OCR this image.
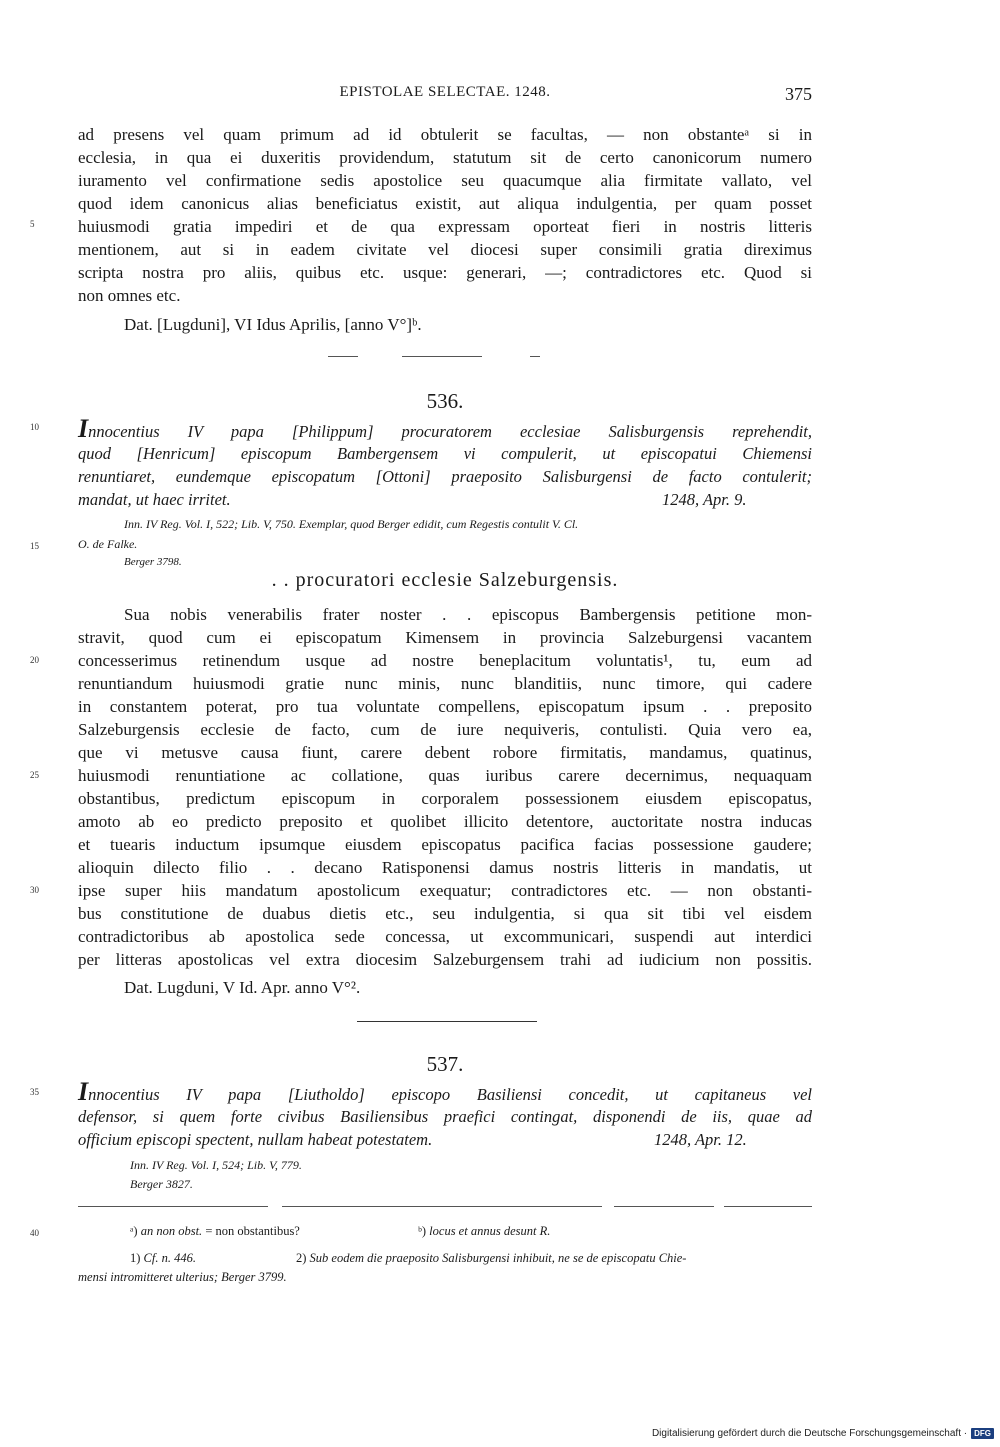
EPISTOLAE SELECTAE. 1248.	375
5
10
15
20
25
30
35
40
ad presens vel quam primum ad id obtulerit se facultas, — non obstanteᵃ si in
ecclesia, in qua ei duxeritis providendum, statutum sit de certo canonicorum numero
iuramento vel confirmatione sedis apostolice seu quacumque alia firmitate vallato, vel
quod idem canonicus alias beneficiatus existit, aut aliqua indulgentia, per quam posset
huiusmodi gratia impediri et de qua expressam oporteat fieri in nostris litteris
mentionem, aut si in eadem civitate vel diocesi super consimili gratia direximus
scripta nostra pro aliis, quibus etc. usque: generari, —; contradictores etc. Quod si
non omnes etc.
Dat. [Lugduni], VI Idus Aprilis, [anno V°]ᵇ.
536.
Innocentius IV papa [Philippum] procuratorem ecclesiae Salisburgensis reprehendit,
quod [Henricum] episcopum Bambergensem vi compulerit, ut episcopatui Chiemensi
renuntiaret, eundemque episcopatum [Ottoni] praeposito Salisburgensi de facto contulerit;
mandat, ut haec irritet.	1248, Apr. 9.
Inn. IV Reg. Vol. I, 522; Lib. V, 750. Exemplar, quod Berger edidit, cum Regestis contulit V. Cl.
O. de Falke.
Berger 3798.
. . procuratori ecclesie Salzeburgensis.
Sua nobis venerabilis frater noster . . episcopus Bambergensis petitione mon-
stravit, quod cum ei episcopatum Kimensem in provincia Salzeburgensi vacantem
concesserimus retinendum usque ad nostre beneplacitum voluntatis¹, tu, eum ad
renuntiandum huiusmodi gratie nunc minis, nunc blanditiis, nunc timore, qui cadere
in constantem poterat, pro tua voluntate compellens, episcopatum ipsum . . preposito
Salzeburgensis ecclesie de facto, cum de iure nequiveris, contulisti. Quia vero ea,
que vi metusve causa fiunt, carere debent robore firmitatis, mandamus, quatinus,
huiusmodi renuntiatione ac collatione, quas iuribus carere decernimus, nequaquam
obstantibus, predictum episcopum in corporalem possessionem eiusdem episcopatus,
amoto ab eo predicto preposito et quolibet illicito detentore, auctoritate nostra inducas
et tuearis inductum ipsumque eiusdem episcopatus pacifica facias possessione gaudere;
alioquin dilecto filio . . decano Ratisponensi damus nostris litteris in mandatis, ut
ipse super hiis mandatum apostolicum exequatur; contradictores etc. — non obstanti-
bus constitutione de duabus dietis etc., seu indulgentia, si qua sit tibi vel eisdem
contradictoribus ab apostolica sede concessa, ut excommunicari, suspendi aut interdici
per litteras apostolicas vel extra diocesim Salzeburgensem trahi ad iudicium non possitis.
Dat. Lugduni, V Id. Apr. anno V°².
537.
Innocentius IV papa [Liutholdo] episcopo Basiliensi concedit, ut capitaneus vel
defensor, si quem forte civibus Basiliensibus praefici contingat, disponendi de iis, quae ad
officium episcopi spectent, nullam habeat potestatem.	1248, Apr. 12.
Inn. IV Reg. Vol. I, 524; Lib. V, 779.
Berger 3827.
ᵃ) an non obst. = non obstantibus?	ᵇ) locus et annus desunt R.
1) Cf. n. 446.	2) Sub eodem die praeposito Salisburgensi inhibuit, ne se de episcopatu Chie-
mensi intromitteret ulterius; Berger 3799.
Digitalisierung gefördert durch die Deutsche Forschungsgemeinschaft · DFG
